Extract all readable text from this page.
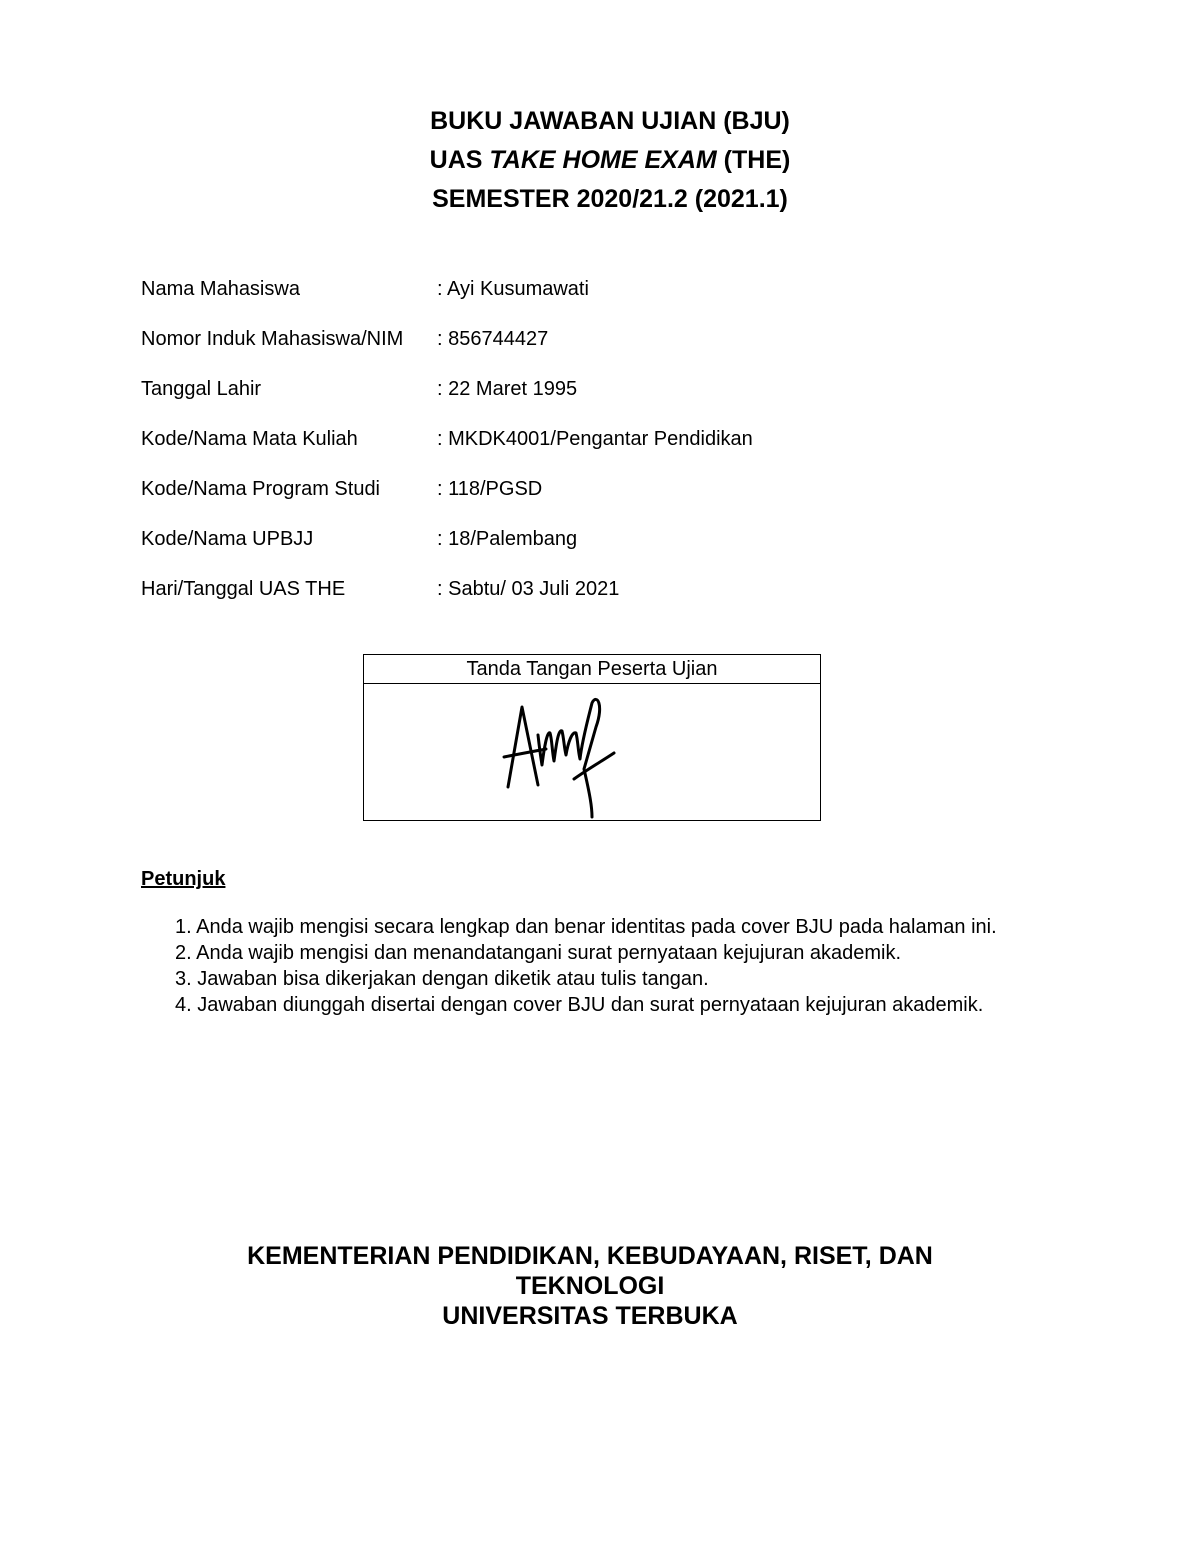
BUKU JAWABAN UJIAN (BJU)
UAS TAKE HOME EXAM (THE)
SEMESTER 2020/21.2 (2021.1)
Nama Mahasiswa	: Ayi Kusumawati
Nomor Induk Mahasiswa/NIM : 856744427
Tanggal Lahir	: 22 Maret 1995
Kode/Nama Mata Kuliah	: MKDK4001/Pengantar Pendidikan
Kode/Nama Program Studi	: 118/PGSD
Kode/Nama UPBJJ	: 18/Palembang
Hari/Tanggal UAS THE	: Sabtu/ 03 Juli 2021
Tanda Tangan Peserta Ujian
Petunjuk
1. Anda wajib mengisi secara lengkap dan benar identitas pada cover BJU pada halaman ini.
2. Anda wajib mengisi dan menandatangani surat pernyataan kejujuran akademik.
3. Jawaban bisa dikerjakan dengan diketik atau tulis tangan.
4. Jawaban diunggah disertai dengan cover BJU dan surat pernyataan kejujuran akademik.
KEMENTERIAN PENDIDIKAN, KEBUDAYAAN, RISET, DAN
TEKNOLOGI
UNIVERSITAS TERBUKA
